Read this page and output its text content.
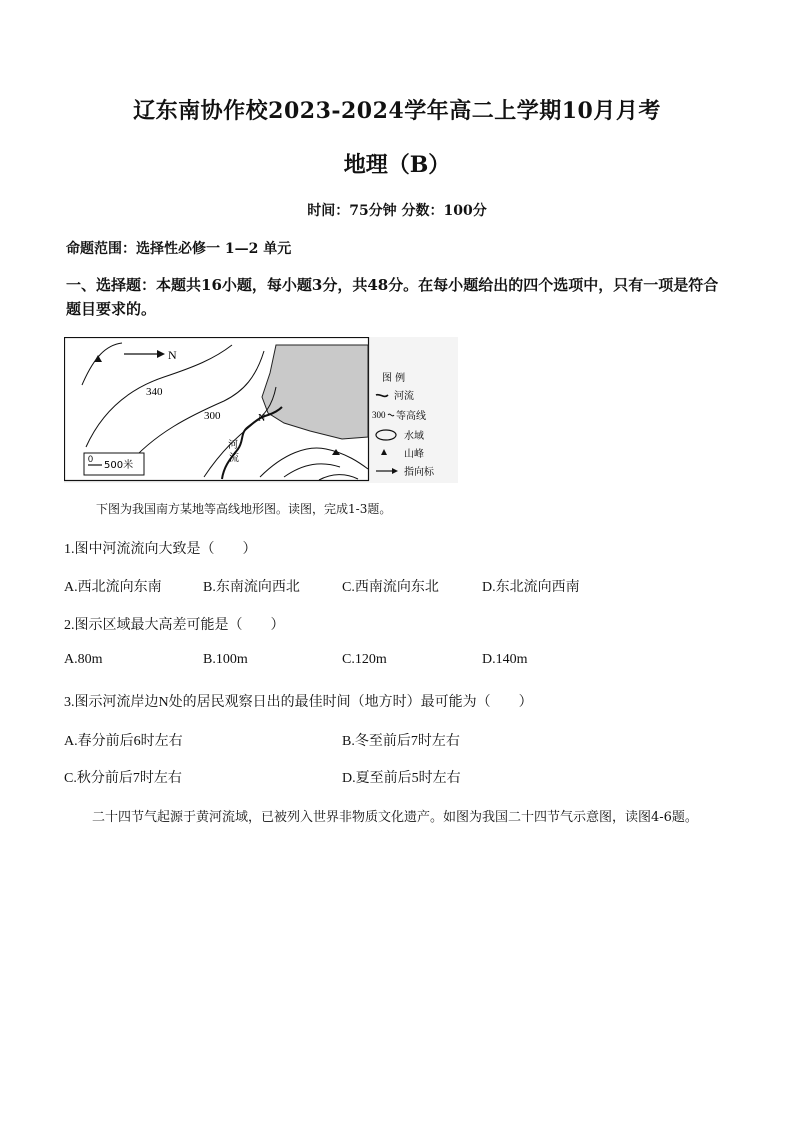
辽东南协作校2023-2024学年高二上学期10月月考
地理（B）
时间：75分钟 分数：100分
命题范围：选择性必修一 1—2 单元
一、选择题：本题共16小题，每小题3分，共48分。在每小题给出的四个选项中，只有一项是符合题目要求的。
N
340
300	N
河
流
0
500米
图 例
河流
300 等高线
水域
山峰
指向标
下图为我国南方某地等高线地形图。读图，完成1-3题。
1.图中河流流向大致是（　　）
A.西北流向东南	B.东南流向西北	C.西南流向东北	D.东北流向西南
2.图示区域最大高差可能是（　　）
A.80m	B.100m	C.120m	D.140m
3.图示河流岸边N处的居民观察日出的最佳时间（地方时）最可能为（　　）
A.春分前后6时左右	B.冬至前后7时左右
C.秋分前后7时左右	D.夏至前后5时左右
二十四节气起源于黄河流域，已被列入世界非物质文化遗产。如图为我国二十四节气示意图，读图4-6题。
